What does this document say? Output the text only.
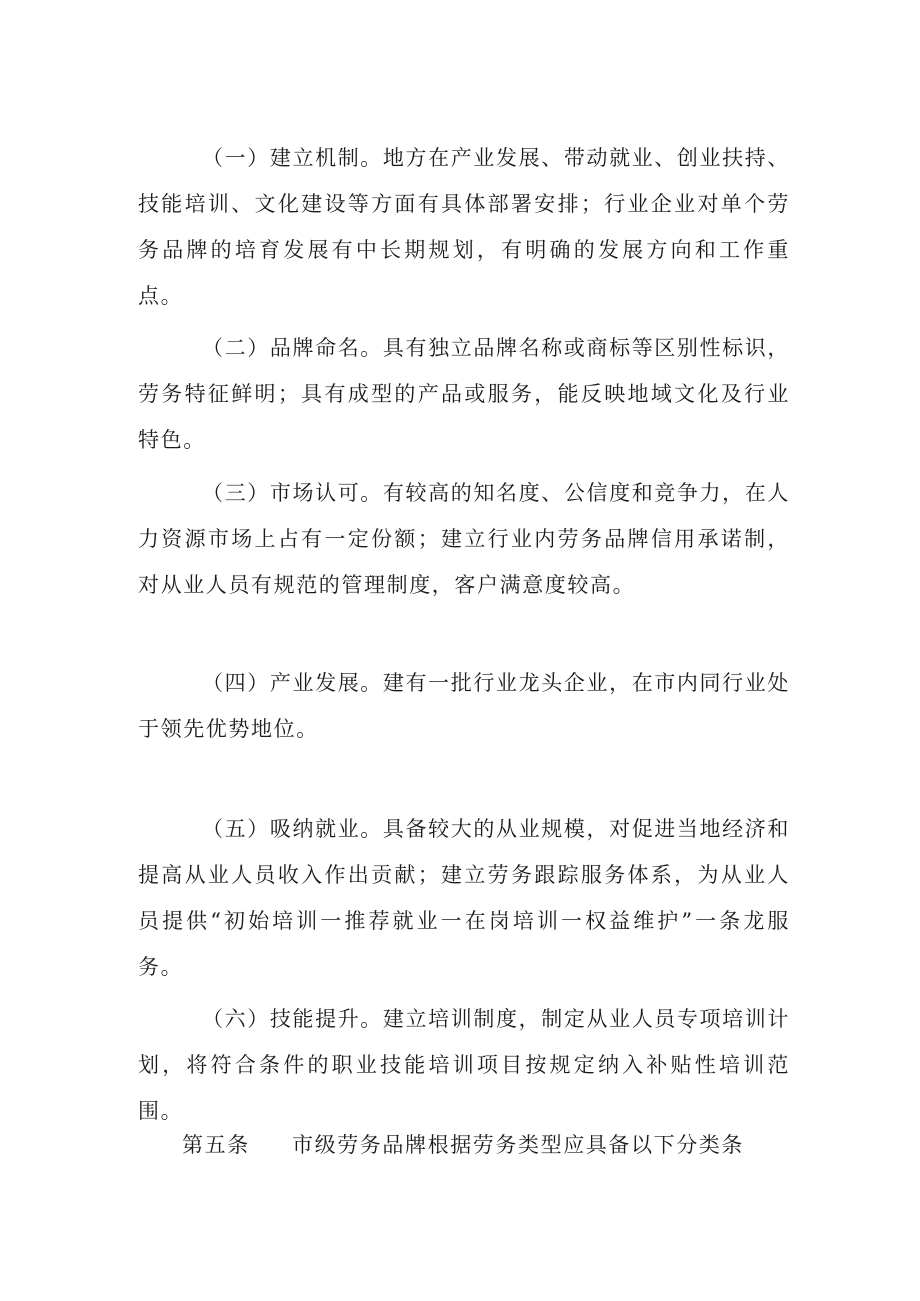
（一）建立机制。地方在产业发展、带动就业、创业扶持、技能培训、文化建设等方面有具体部署安排；行业企业对单个劳务品牌的培育发展有中长期规划，有明确的发展方向和工作重点。

（二）品牌命名。具有独立品牌名称或商标等区别性标识，劳务特征鲜明；具有成型的产品或服务，能反映地域文化及行业特色。

（三）市场认可。有较高的知名度、公信度和竞争力，在人力资源市场上占有一定份额；建立行业内劳务品牌信用承诺制，对从业人员有规范的管理制度，客户满意度较高。

（四）产业发展。建有一批行业龙头企业，在市内同行业处于领先优势地位。

（五）吸纳就业。具备较大的从业规模，对促进当地经济和提高从业人员收入作出贡献；建立劳务跟踪服务体系，为从业人员提供“初始培训一推荐就业一在岗培训一权益维护”一条龙服务。

（六）技能提升。建立培训制度，制定从业人员专项培训计划，将符合条件的职业技能培训项目按规定纳入补贴性培训范围。

第五条 市级劳务品牌根据劳务类型应具备以下分类条
